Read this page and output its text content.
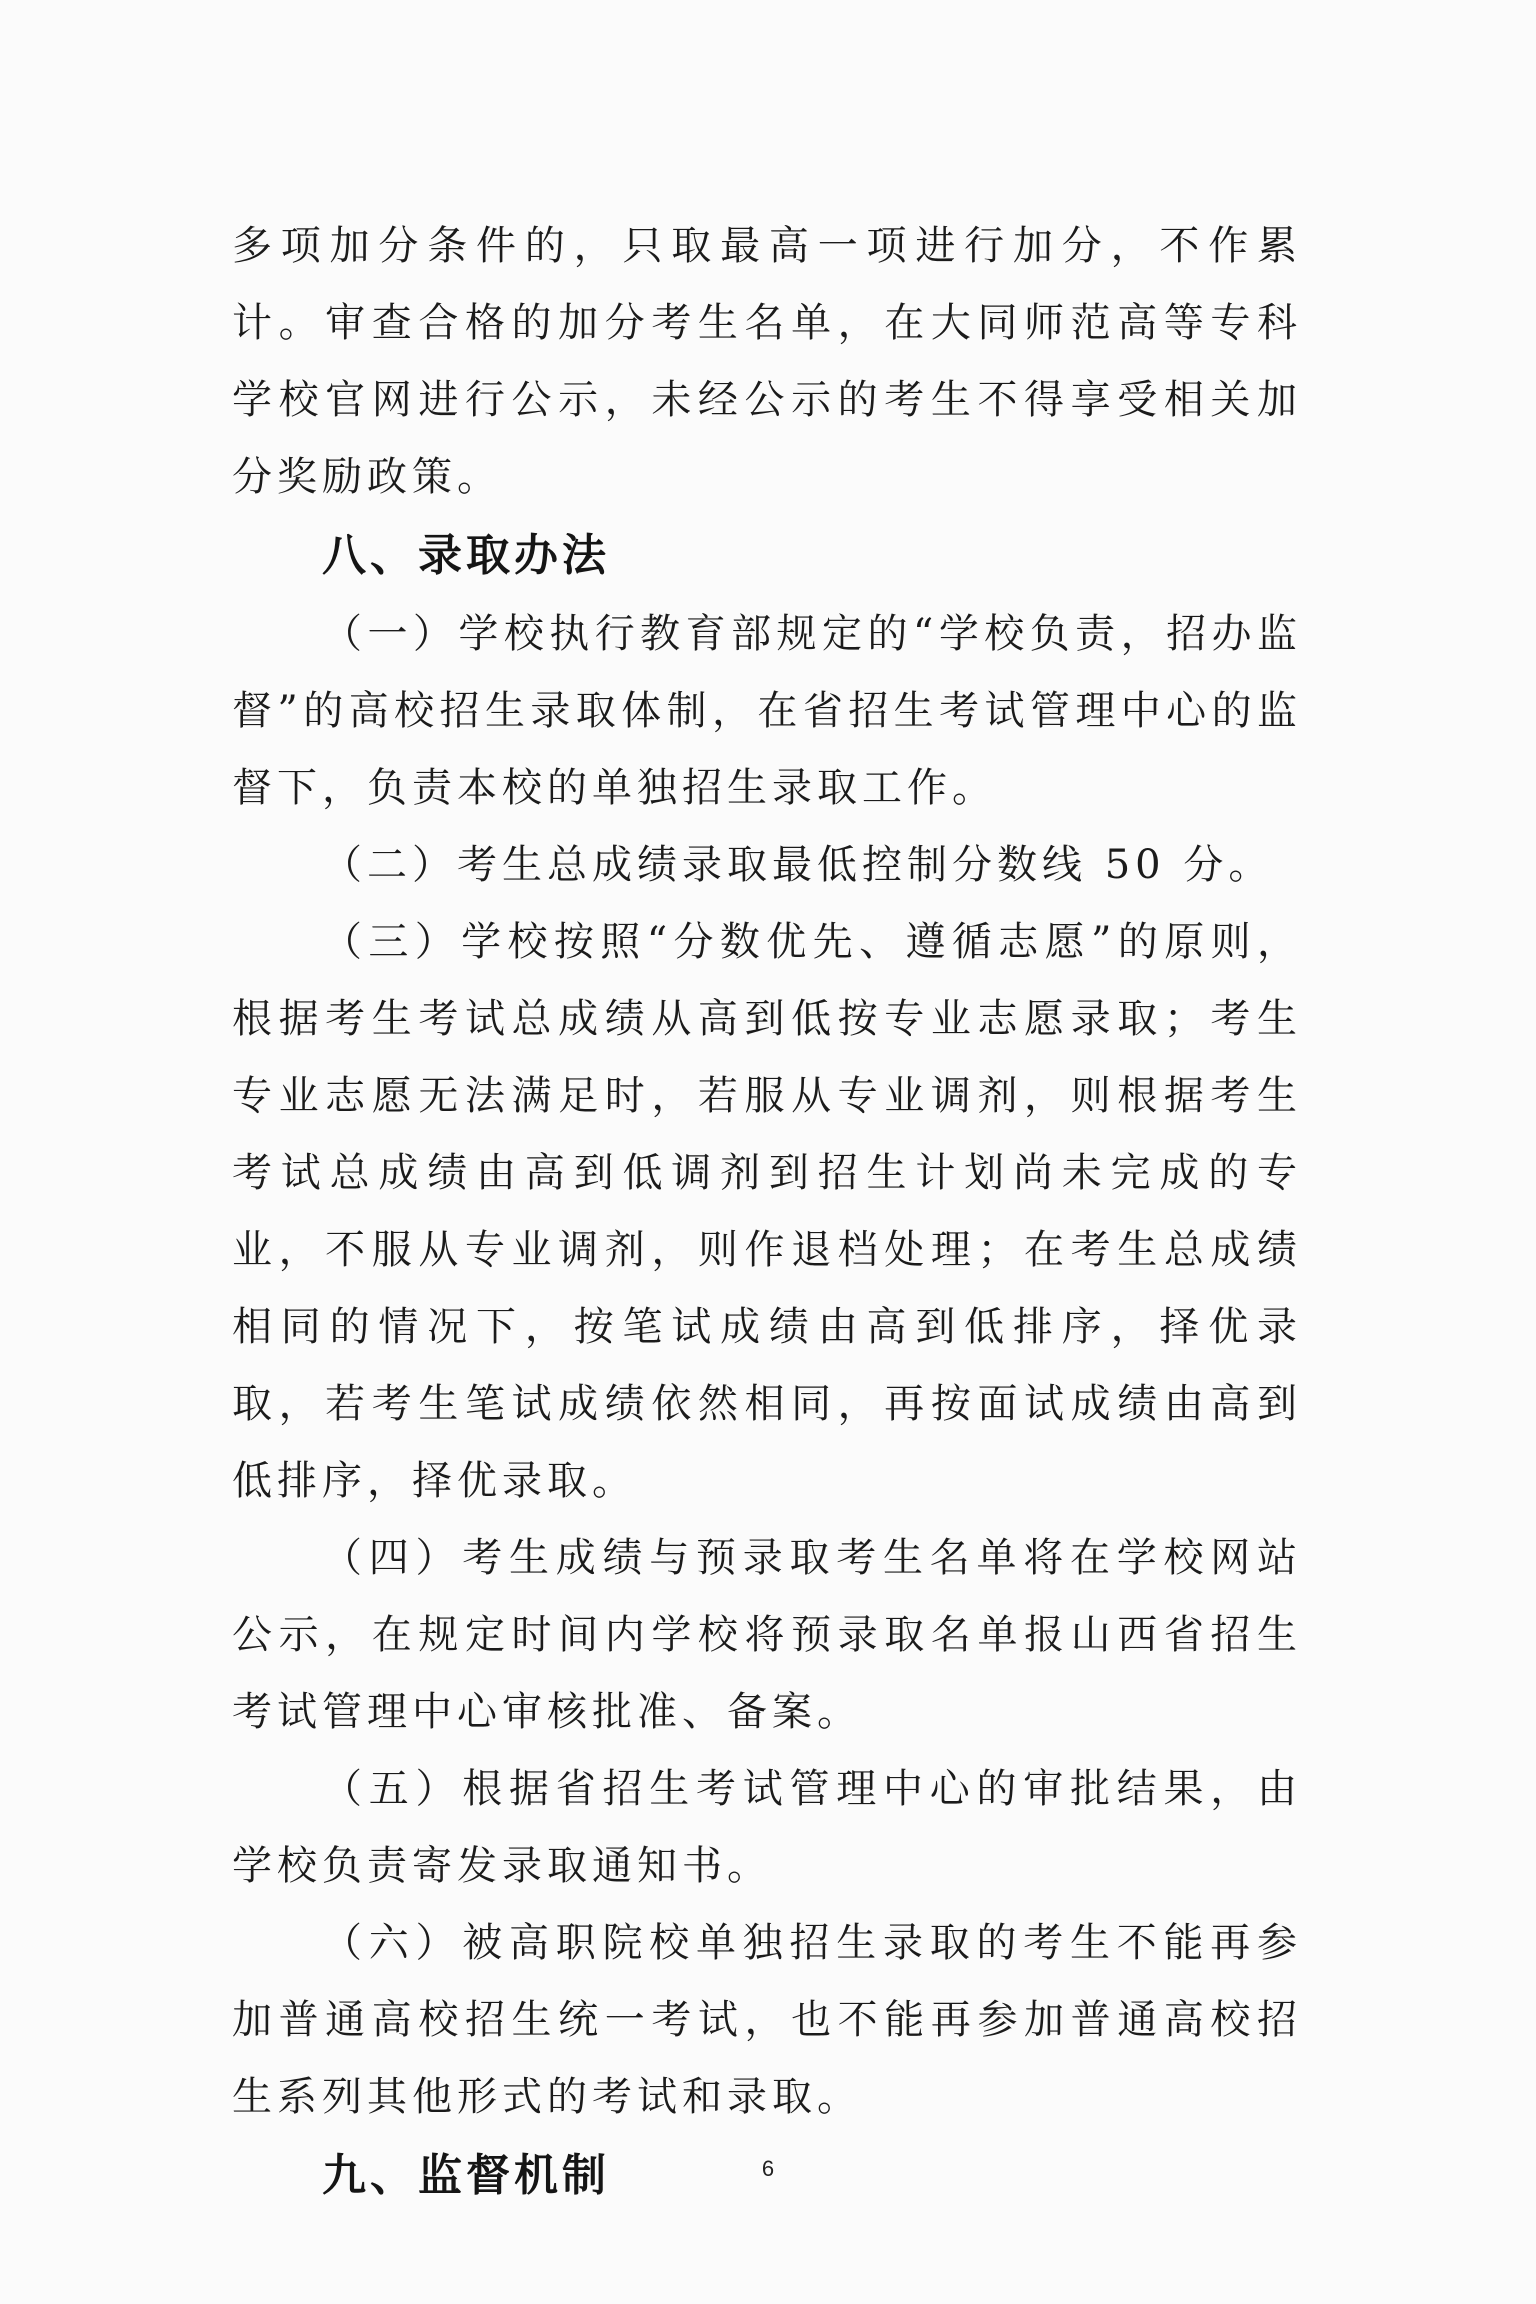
多项加分条件的，只取最高一项进行加分，不作累计。审查合格的加分考生名单，在大同师范高等专科学校官网进行公示，未经公示的考生不得享受相关加分奖励政策。

八、录取办法

（一）学校执行教育部规定的“学校负责，招办监督”的高校招生录取体制，在省招生考试管理中心的监督下，负责本校的单独招生录取工作。

（二）考生总成绩录取最低控制分数线 50 分。

（三）学校按照“分数优先、遵循志愿”的原则，根据考生考试总成绩从高到低按专业志愿录取；考生专业志愿无法满足时，若服从专业调剂，则根据考生考试总成绩由高到低调剂到招生计划尚未完成的专业，不服从专业调剂，则作退档处理；在考生总成绩相同的情况下，按笔试成绩由高到低排序，择优录取，若考生笔试成绩依然相同，再按面试成绩由高到低排序，择优录取。

（四）考生成绩与预录取考生名单将在学校网站公示，在规定时间内学校将预录取名单报山西省招生考试管理中心审核批准、备案。

（五）根据省招生考试管理中心的审批结果，由学校负责寄发录取通知书。

（六）被高职院校单独招生录取的考生不能再参加普通高校招生统一考试，也不能再参加普通高校招生系列其他形式的考试和录取。

九、监督机制	6
